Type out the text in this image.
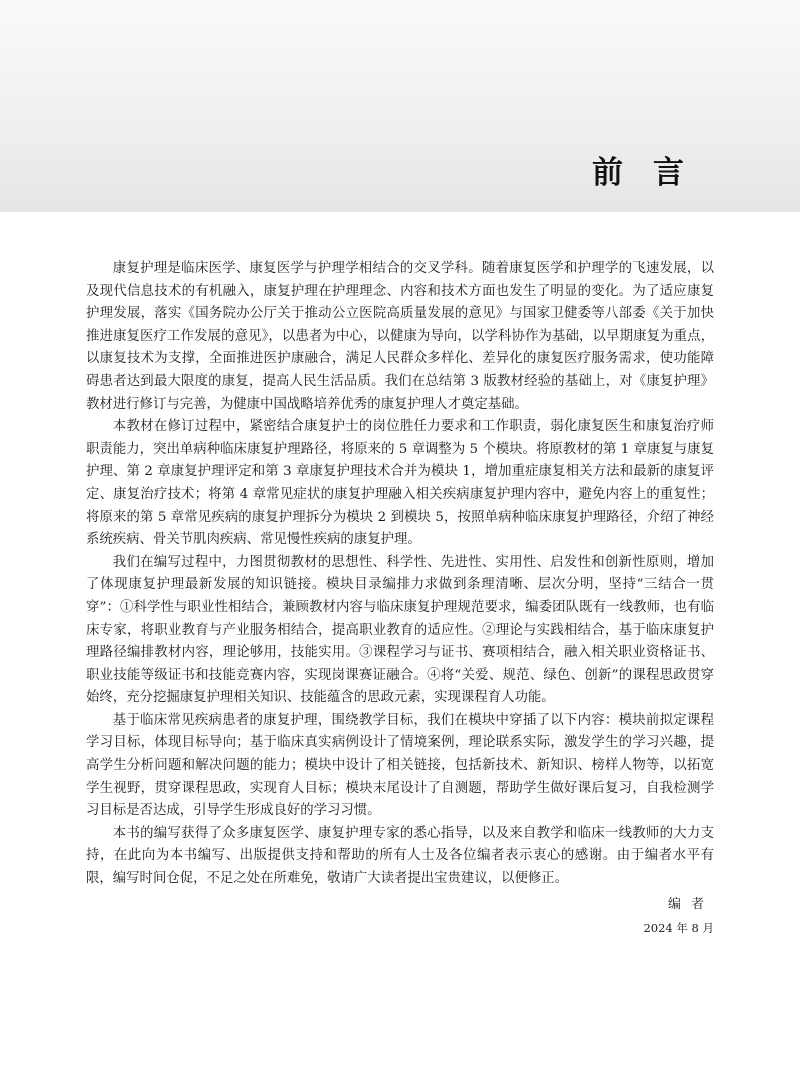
前言

康复护理是临床医学、康复医学与护理学相结合的交叉学科。随着康复医学和护理学的飞速发展，以及现代信息技术的有机融入，康复护理在护理理念、内容和技术方面也发生了明显的变化。为了适应康复护理发展，落实《国务院办公厅关于推动公立医院高质量发展的意见》与国家卫健委等八部委《关于加快推进康复医疗工作发展的意见》，以患者为中心，以健康为导向，以学科协作为基础，以早期康复为重点，以康复技术为支撑，全面推进医护康融合，满足人民群众多样化、差异化的康复医疗服务需求，使功能障碍患者达到最大限度的康复，提高人民生活品质。我们在总结第 3 版教材经验的基础上，对《康复护理》教材进行修订与完善，为健康中国战略培养优秀的康复护理人才奠定基础。

本教材在修订过程中，紧密结合康复护士的岗位胜任力要求和工作职责，弱化康复医生和康复治疗师职责能力，突出单病种临床康复护理路径，将原来的 5 章调整为 5 个模块。将原教材的第 1 章康复与康复护理、第 2 章康复护理评定和第 3 章康复护理技术合并为模块 1，增加重症康复相关方法和最新的康复评定、康复治疗技术；将第 4 章常见症状的康复护理融入相关疾病康复护理内容中，避免内容上的重复性；将原来的第 5 章常见疾病的康复护理拆分为模块 2 到模块 5，按照单病种临床康复护理路径，介绍了神经系统疾病、骨关节肌肉疾病、常见慢性疾病的康复护理。

我们在编写过程中，力图贯彻教材的思想性、科学性、先进性、实用性、启发性和创新性原则，增加了体现康复护理最新发展的知识链接。模块目录编排力求做到条理清晰、层次分明，坚持“三结合一贯穿”：①科学性与职业性相结合，兼顾教材内容与临床康复护理规范要求，编委团队既有一线教师，也有临床专家，将职业教育与产业服务相结合，提高职业教育的适应性。②理论与实践相结合，基于临床康复护理路径编排教材内容，理论够用，技能实用。③课程学习与证书、赛项相结合，融入相关职业资格证书、职业技能等级证书和技能竞赛内容，实现岗课赛证融合。④将“关爱、规范、绿色、创新”的课程思政贯穿始终，充分挖掘康复护理相关知识、技能蕴含的思政元素，实现课程育人功能。

基于临床常见疾病患者的康复护理，围绕教学目标，我们在模块中穿插了以下内容：模块前拟定课程学习目标，体现目标导向；基于临床真实病例设计了情境案例，理论联系实际，激发学生的学习兴趣，提高学生分析问题和解决问题的能力；模块中设计了相关链接，包括新技术、新知识、榜样人物等，以拓宽学生视野，贯穿课程思政，实现育人目标；模块末尾设计了自测题，帮助学生做好课后复习，自我检测学习目标是否达成，引导学生形成良好的学习习惯。

本书的编写获得了众多康复医学、康复护理专家的悉心指导，以及来自教学和临床一线教师的大力支持，在此向为本书编写、出版提供支持和帮助的所有人士及各位编者表示衷心的感谢。由于编者水平有限，编写时间仓促，不足之处在所难免，敬请广大读者提出宝贵建议，以便修正。

编者
2024 年 8 月
